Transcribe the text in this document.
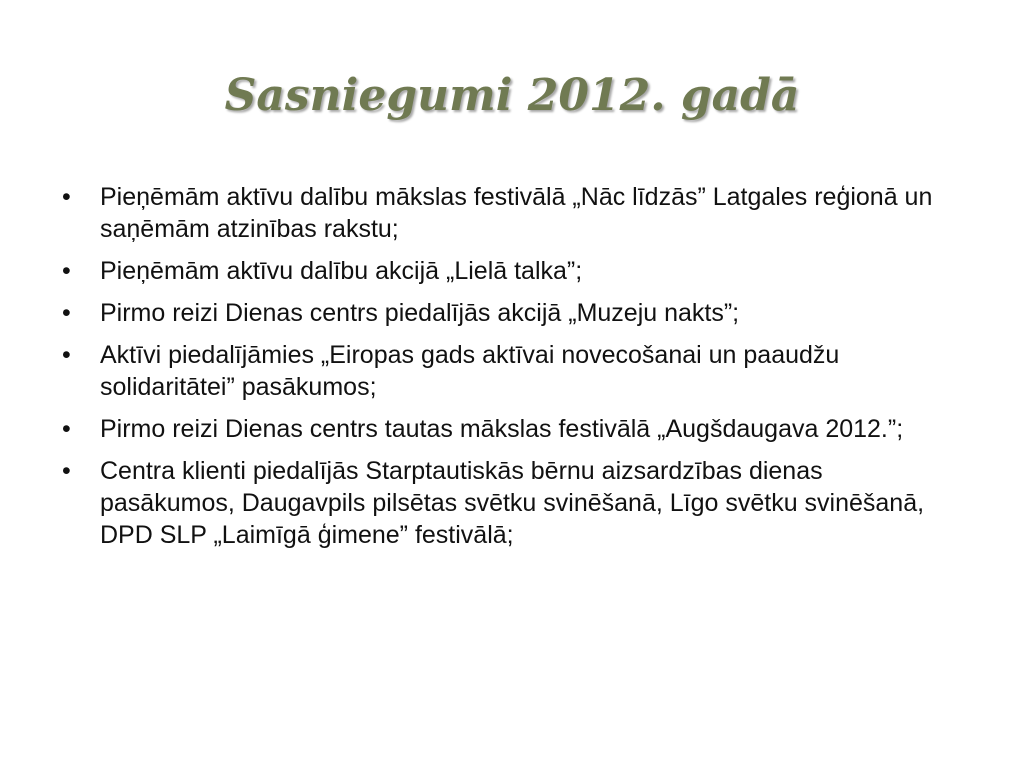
Sasniegumi 2012. gadā
• Pieņēmām aktīvu dalību mākslas festivālā „Nāc līdzās” Latgales reģionā un saņēmām atzinības rakstu;
• Pieņēmām aktīvu dalību akcijā „Lielā talka”;
• Pirmo reizi Dienas centrs piedalījās akcijā „Muzeju nakts”;
• Aktīvi piedalījāmies „Eiropas gads aktīvai novecošanai un paaudžu solidaritātei” pasākumos;
• Pirmo reizi Dienas centrs tautas mākslas festivālā „Augšdaugava 2012.”;
• Centra klienti piedalījās Starptautiskās bērnu aizsardzības dienas pasākumos, Daugavpils pilsētas svētku svinēšanā, Līgo svētku svinēšanā, DPD SLP „Laimīgā ģimene” festivālā;
